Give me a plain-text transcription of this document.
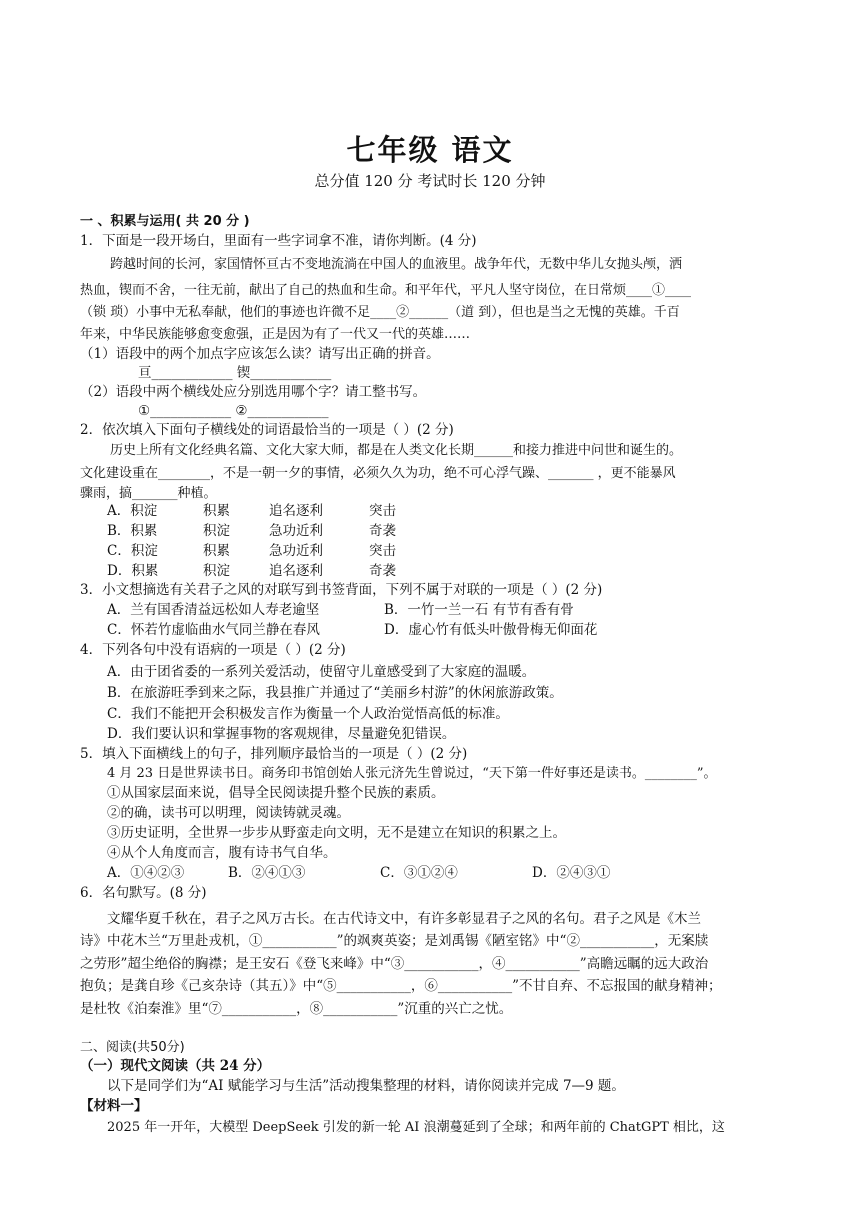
七年级 语文
总分值 120 分 考试时长 120 分钟
一 、积累与运用( 共 20 分 )
1．下面是一段开场白，里面有一些字词拿不准，请你判断。(4 分)
跨越时间的长河，家国情怀亘古不变地流淌在中国人的血液里。战争年代，无数中华儿女抛头颅，洒
热血，锲而不舍，一往无前，献出了自己的热血和生命。和平年代，平凡人坚守岗位，在日常烦____①____
（锁 琐）小事中无私奉献，他们的事迹也许微不足____②______（道 到），但也是当之无愧的英雄。千百
年来，中华民族能够愈变愈强，正是因为有了一代又一代的英雄……
（1）语段中的两个加点字应该怎么读？请写出正确的拼音。
亘____________ 锲____________
（2）语段中两个横线处应分别选用哪个字？请工整书写。
①____________ ②____________
2．依次填入下面句子横线处的词语最恰当的一项是（ ）(2 分)
历史上所有文化经典名篇、文化大家大师，都是在人类文化长期______和接力推进中问世和诞生的。
文化建设重在________，不是一朝一夕的事情，必须久久为功，绝不可心浮气躁、_______ ，更不能暴风
骤雨，搞_______种植。
A．积淀	积累	追名逐利	突击
B．积累	积淀	急功近利	奇袭
C．积淀	积累	急功近利	突击
D．积累	积淀	追名逐利	奇袭
3．小文想摘选有关君子之风的对联写到书签背面，下列不属于对联的一项是（ ）(2 分)
A．兰有国香清益远松如人寿老逾坚	B．一竹一兰一石 有节有香有骨
C．怀若竹虚临曲水气同兰静在春风	D．虚心竹有低头叶傲骨梅无仰面花
4．下列各句中没有语病的一项是（ ）(2 分)
A．由于团省委的一系列关爱活动，使留守儿童感受到了大家庭的温暖。
B．在旅游旺季到来之际，我县推广并通过了“美丽乡村游”的休闲旅游政策。
C．我们不能把开会积极发言作为衡量一个人政治觉悟高低的标准。
D．我们要认识和掌握事物的客观规律，尽量避免犯错误。
5．填入下面横线上的句子，排列顺序最恰当的一项是（ ）(2 分)
4 月 23 日是世界读书日。商务印书馆创始人张元济先生曾说过，“天下第一件好事还是读书。________”。
①从国家层面来说，倡导全民阅读提升整个民族的素质。
②的确，读书可以明理，阅读铸就灵魂。
③历史证明，全世界一步步从野蛮走向文明，无不是建立在知识的积累之上。
④从个人角度而言，腹有诗书气自华。
A．①④②③	B．②④①③	C．③①②④	D．②④③①
6．名句默写。(8 分)
文耀华夏千秋在，君子之风万古长。在古代诗文中，有许多彰显君子之风的名句。君子之风是《木兰
诗》中花木兰“万里赴戎机，①___________”的飒爽英姿；是刘禹锡《陋室铭》中“②___________，无案牍
之劳形”超尘绝俗的胸襟；是王安石《登飞来峰》中“③___________，④___________”高瞻远瞩的远大政治
抱负；是龚自珍《己亥杂诗（其五）》中“⑤___________，⑥___________”不甘自弃、不忘报国的献身精神；
是杜牧《泊秦淮》里“⑦___________，⑧___________”沉重的兴亡之忧。
二、阅读(共50分)
（一）现代文阅读（共 24 分）
以下是同学们为“AI 赋能学习与生活”活动搜集整理的材料，请你阅读并完成 7—9 题。
【材料一】
2025 年一开年，大模型 DeepSeek 引发的新一轮 AI 浪潮蔓延到了全球；和两年前的 ChatGPT 相比，这
